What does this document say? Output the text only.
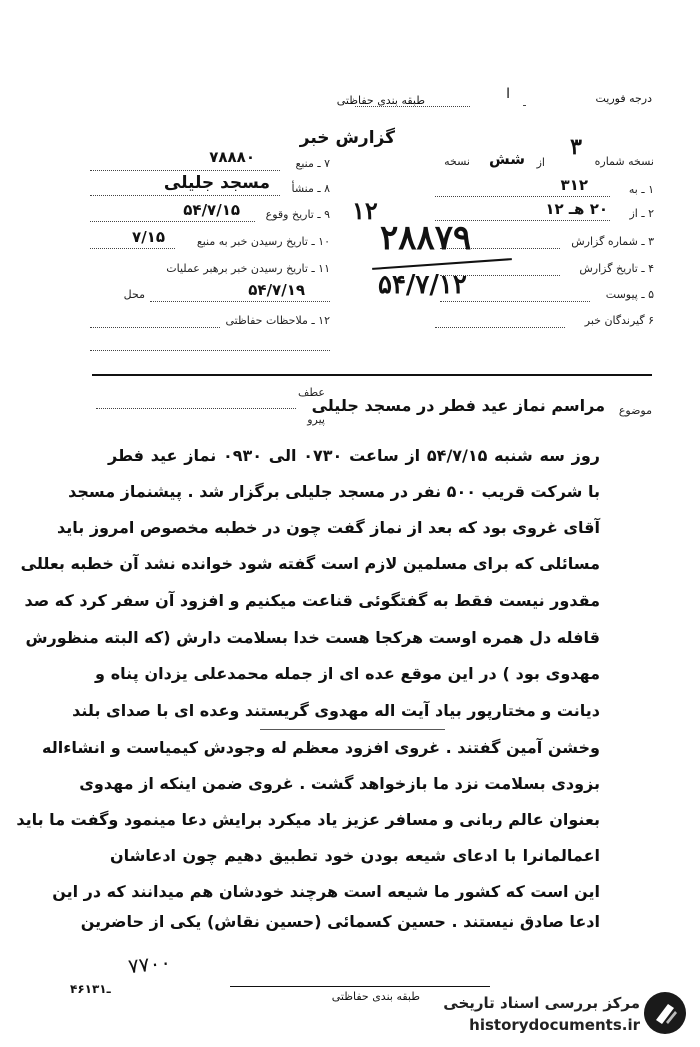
درجه فوریت
ا
طبقه بندی حفاظتی
گزارش خبر
نسخه شماره
۳
از
شش
نسخه
۱ ـ به
۳۱۲
۲ ـ از
۲۰ هـ ۱۲
۳ ـ شماره گزارش
۴ ـ تاریخ گزارش
۵ ـ پیوست
۶ گیرندگان خبر
۱۲
۲۸۸۷۹
۵۴/۷/۱۲
۷ ـ منبع
۷۸۸۸۰
۸ ـ منشأ
مسجد جلیلی
۹ ـ تاریخ وقوع
۵۴/۷/۱۵
۱۰ ـ تاریخ رسیدن خبر به منبع
۷/۱۵
۱۱ ـ تاریخ رسیدن خبر برهبر عملیات
محل	۵۴/۷/۱۹
۱۲ ـ ملاحظات حفاظتی
موضوع
مراسم نماز عید فطر در مسجد جلیلی
عطف
پیرو
روز سه شنبه ۵۴/۷/۱۵ از ساعت ۰۷۳۰ الی ۰۹۳۰ نماز عید فطر
با شرکت قریب ۵۰۰ نفر در مسجد جلیلی برگزار شد . پیشنماز مسجد
آقای غروی بود که بعد از نماز گفت چون در خطبه مخصوص امروز باید
مسائلی که برای مسلمین لازم است گفته شود خوانده نشد آن خطبه بعللی
مقدور نیست فقط به گفتگوئی قناعت میکنیم و افزود آن سفر کرد که صد
قافله دل همره اوست هرکجا هست خدا بسلامت دارش (که البته منظورش
مهدوی بود ) در این موقع عده ای از جمله محمدعلی یزدان پناه و
دیانت و مختارپور بیاد آیت اله مهدوی گریستند وعده ای با صدای بلند
وخشن آمین گفتند . غروی افزود معظم له وجودش کیمیاست و انشاءاله
بزودی بسلامت نزد ما بازخواهد گشت . غروی ضمن اینکه از مهدوی
بعنوان عالم ربانی و مسافر عزیز یاد میکرد برایش دعا مینمود وگفت ما باید
اعمالمانرا با ادعای شیعه بودن خود تطبیق دهیم چون ادعاشان
این است که کشور ما شیعه است هرچند خودشان هم میدانند که در این
ادعا صادق نیستند . حسین کسمائی (حسین نقاش) یکی از حاضرین
۷۷۰۰
۴۶ـ۱۳۱
طبقه بندی حفاظتی مرکز بررسی اسناد تاریخی
historydocuments.ir
